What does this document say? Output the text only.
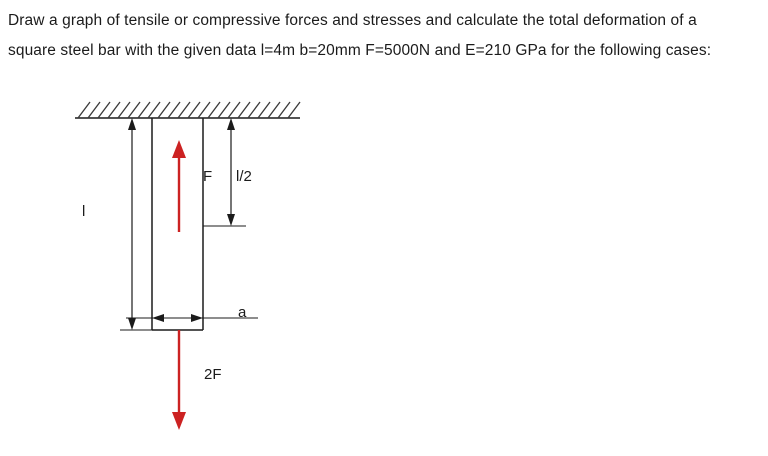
Draw a graph of tensile or compressive forces and stresses and calculate the total deformation of a
square steel bar with the given data l=4m b=20mm F=5000N and E=210 GPa for the following cases:
l
F l/2
a
2F
